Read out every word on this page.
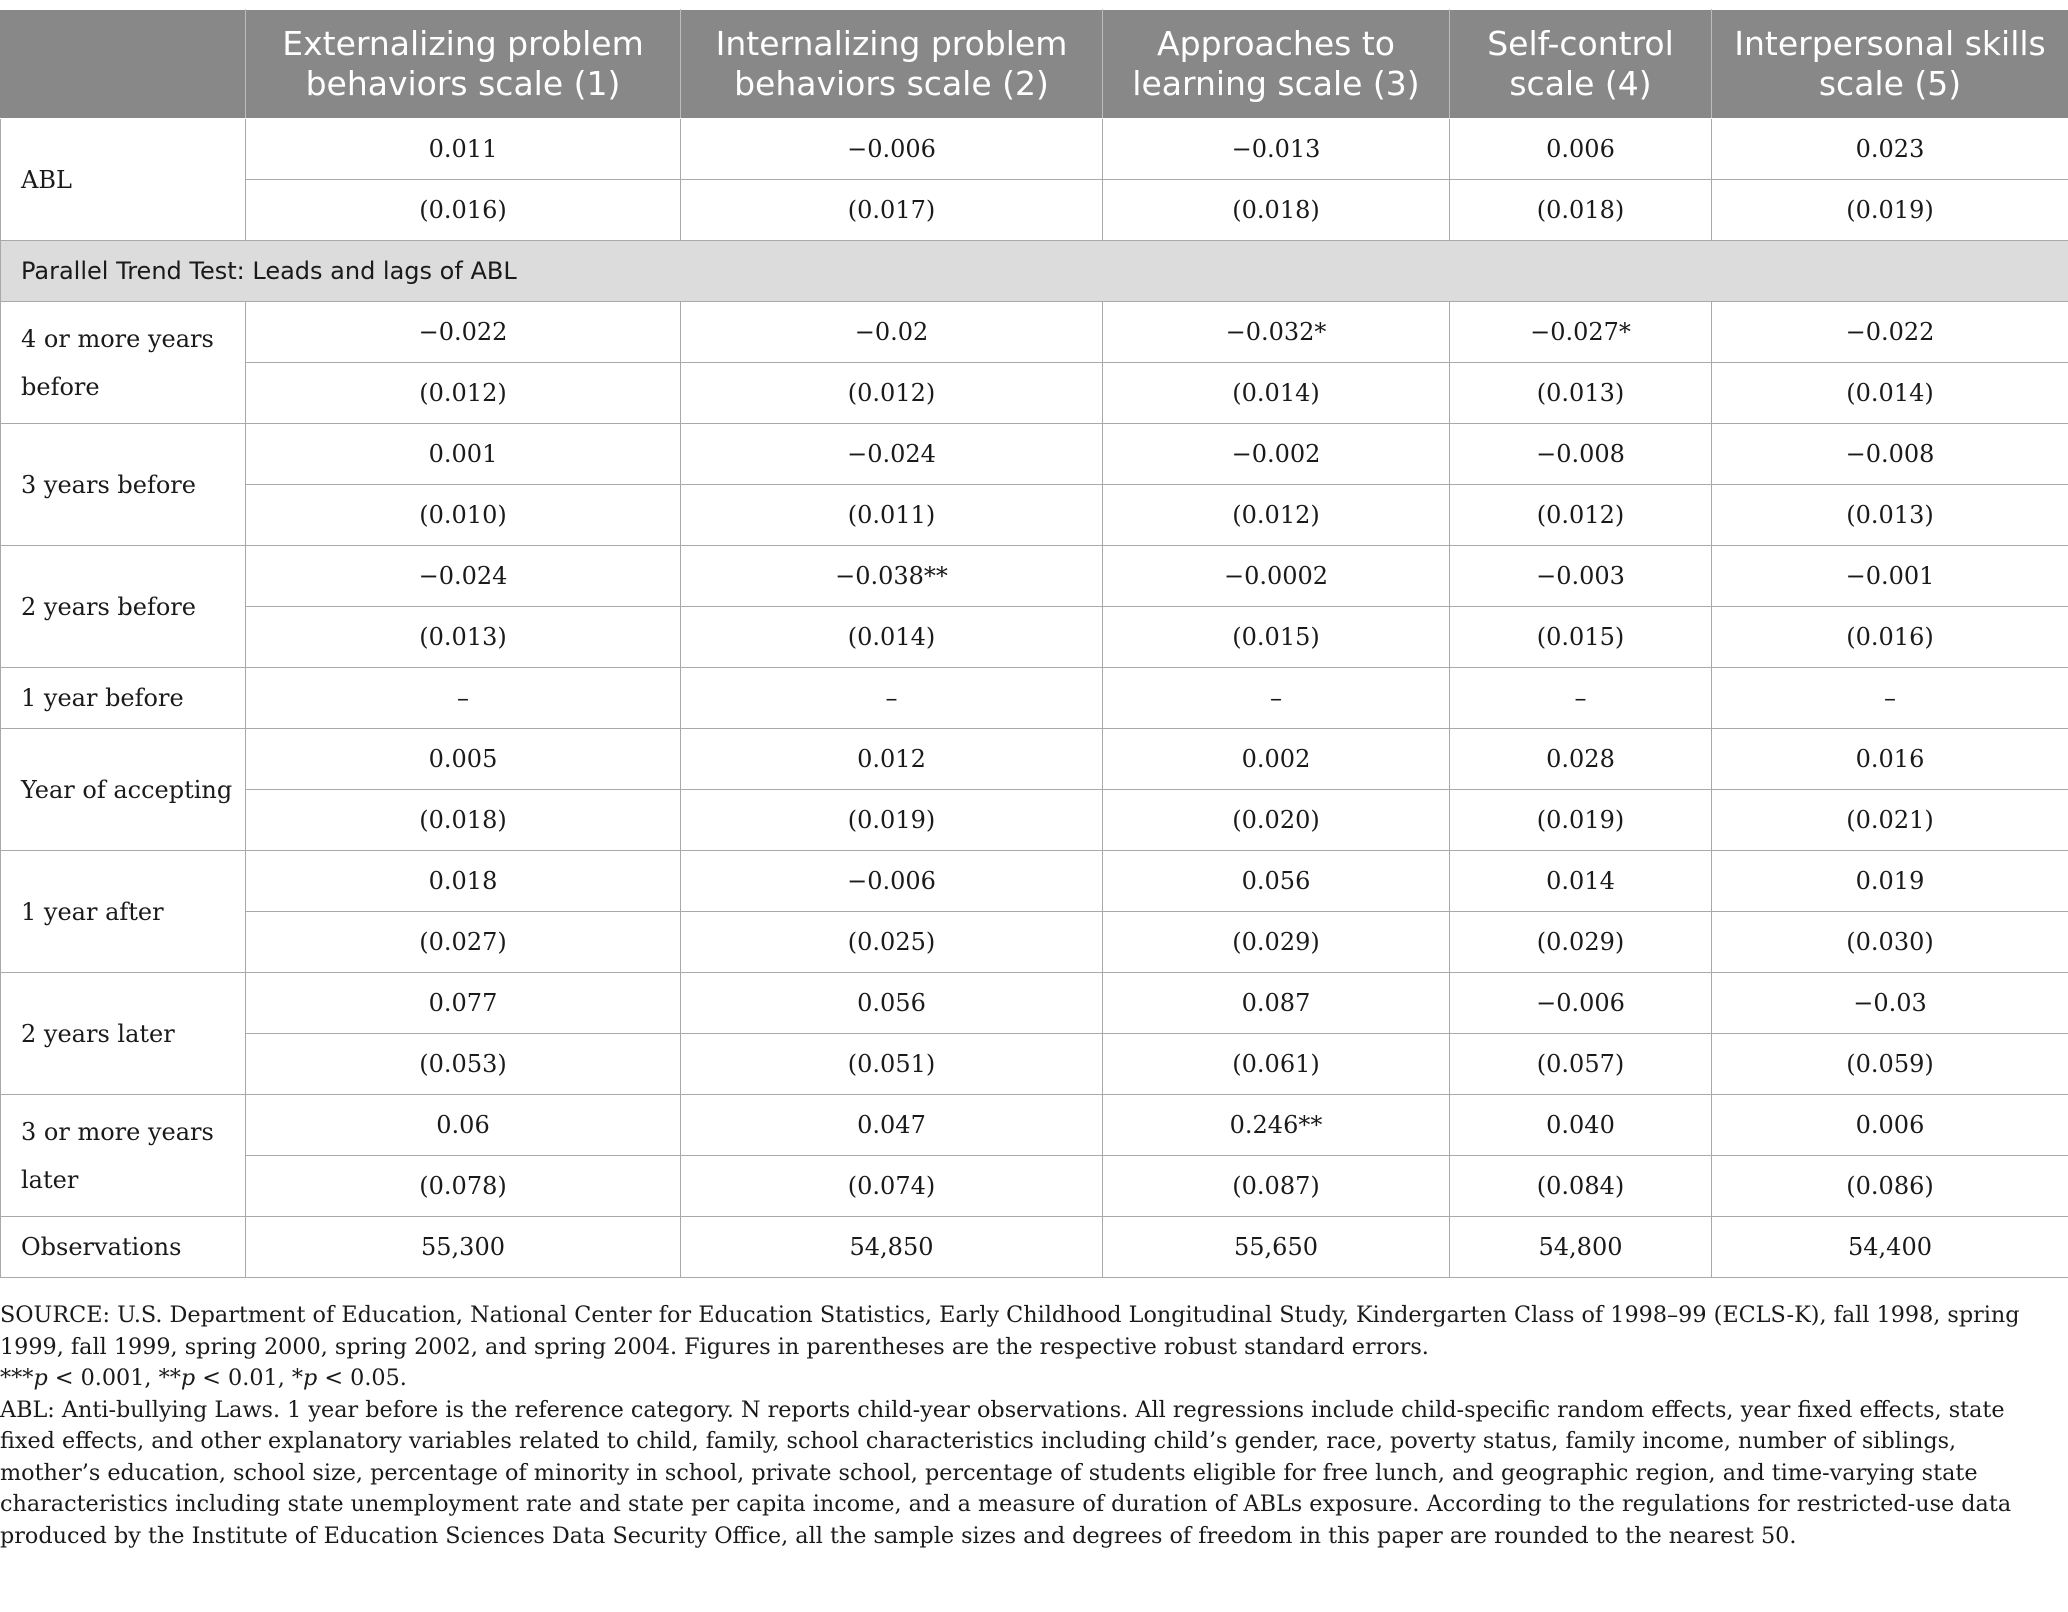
	Externalizing problem behaviors scale (1)	Internalizing problem behaviors scale (2)	Approaches to learning scale (3)	Self-control scale (4)	Interpersonal skills scale (5)
ABL	0.011	−0.006	−0.013	0.006	0.023
	(0.016)	(0.017)	(0.018)	(0.018)	(0.019)
Parallel Trend Test: Leads and lags of ABL					
4 or more years before	−0.022	−0.02	−0.032*	−0.027*	−0.022
	(0.012)	(0.012)	(0.014)	(0.013)	(0.014)
3 years before	0.001	−0.024	−0.002	−0.008	−0.008
	(0.010)	(0.011)	(0.012)	(0.012)	(0.013)
2 years before	−0.024	−0.038**	−0.0002	−0.003	−0.001
	(0.013)	(0.014)	(0.015)	(0.015)	(0.016)
1 year before	–	–	–	–	–
Year of accepting	0.005	0.012	0.002	0.028	0.016
	(0.018)	(0.019)	(0.020)	(0.019)	(0.021)
1 year after	0.018	−0.006	0.056	0.014	0.019
	(0.027)	(0.025)	(0.029)	(0.029)	(0.030)
2 years later	0.077	0.056	0.087	−0.006	−0.03
	(0.053)	(0.051)	(0.061)	(0.057)	(0.059)
3 or more years later	0.06	0.047	0.246**	0.040	0.006
	(0.078)	(0.074)	(0.087)	(0.084)	(0.086)
Observations	55,300	54,850	55,650	54,800	54,400

SOURCE: U.S. Department of Education, National Center for Education Statistics, Early Childhood Longitudinal Study, Kindergarten Class of 1998–99 (ECLS-K), fall 1998, spring 1999, fall 1999, spring 2000, spring 2002, and spring 2004. Figures in parentheses are the respective robust standard errors.

***p < 0.001, **p < 0.01, *p < 0.05.

ABL: Anti-bullying Laws. 1 year before is the reference category. N reports child-year observations. All regressions include child-specific random effects, year fixed effects, state fixed effects, and other explanatory variables related to child, family, school characteristics including child’s gender, race, poverty status, family income, number of siblings, mother’s education, school size, percentage of minority in school, private school, percentage of students eligible for free lunch, and geographic region, and time-varying state characteristics including state unemployment rate and state per capita income, and a measure of duration of ABLs exposure. According to the regulations for restricted-use data produced by the Institute of Education Sciences Data Security Office, all the sample sizes and degrees of freedom in this paper are rounded to the nearest 50.
